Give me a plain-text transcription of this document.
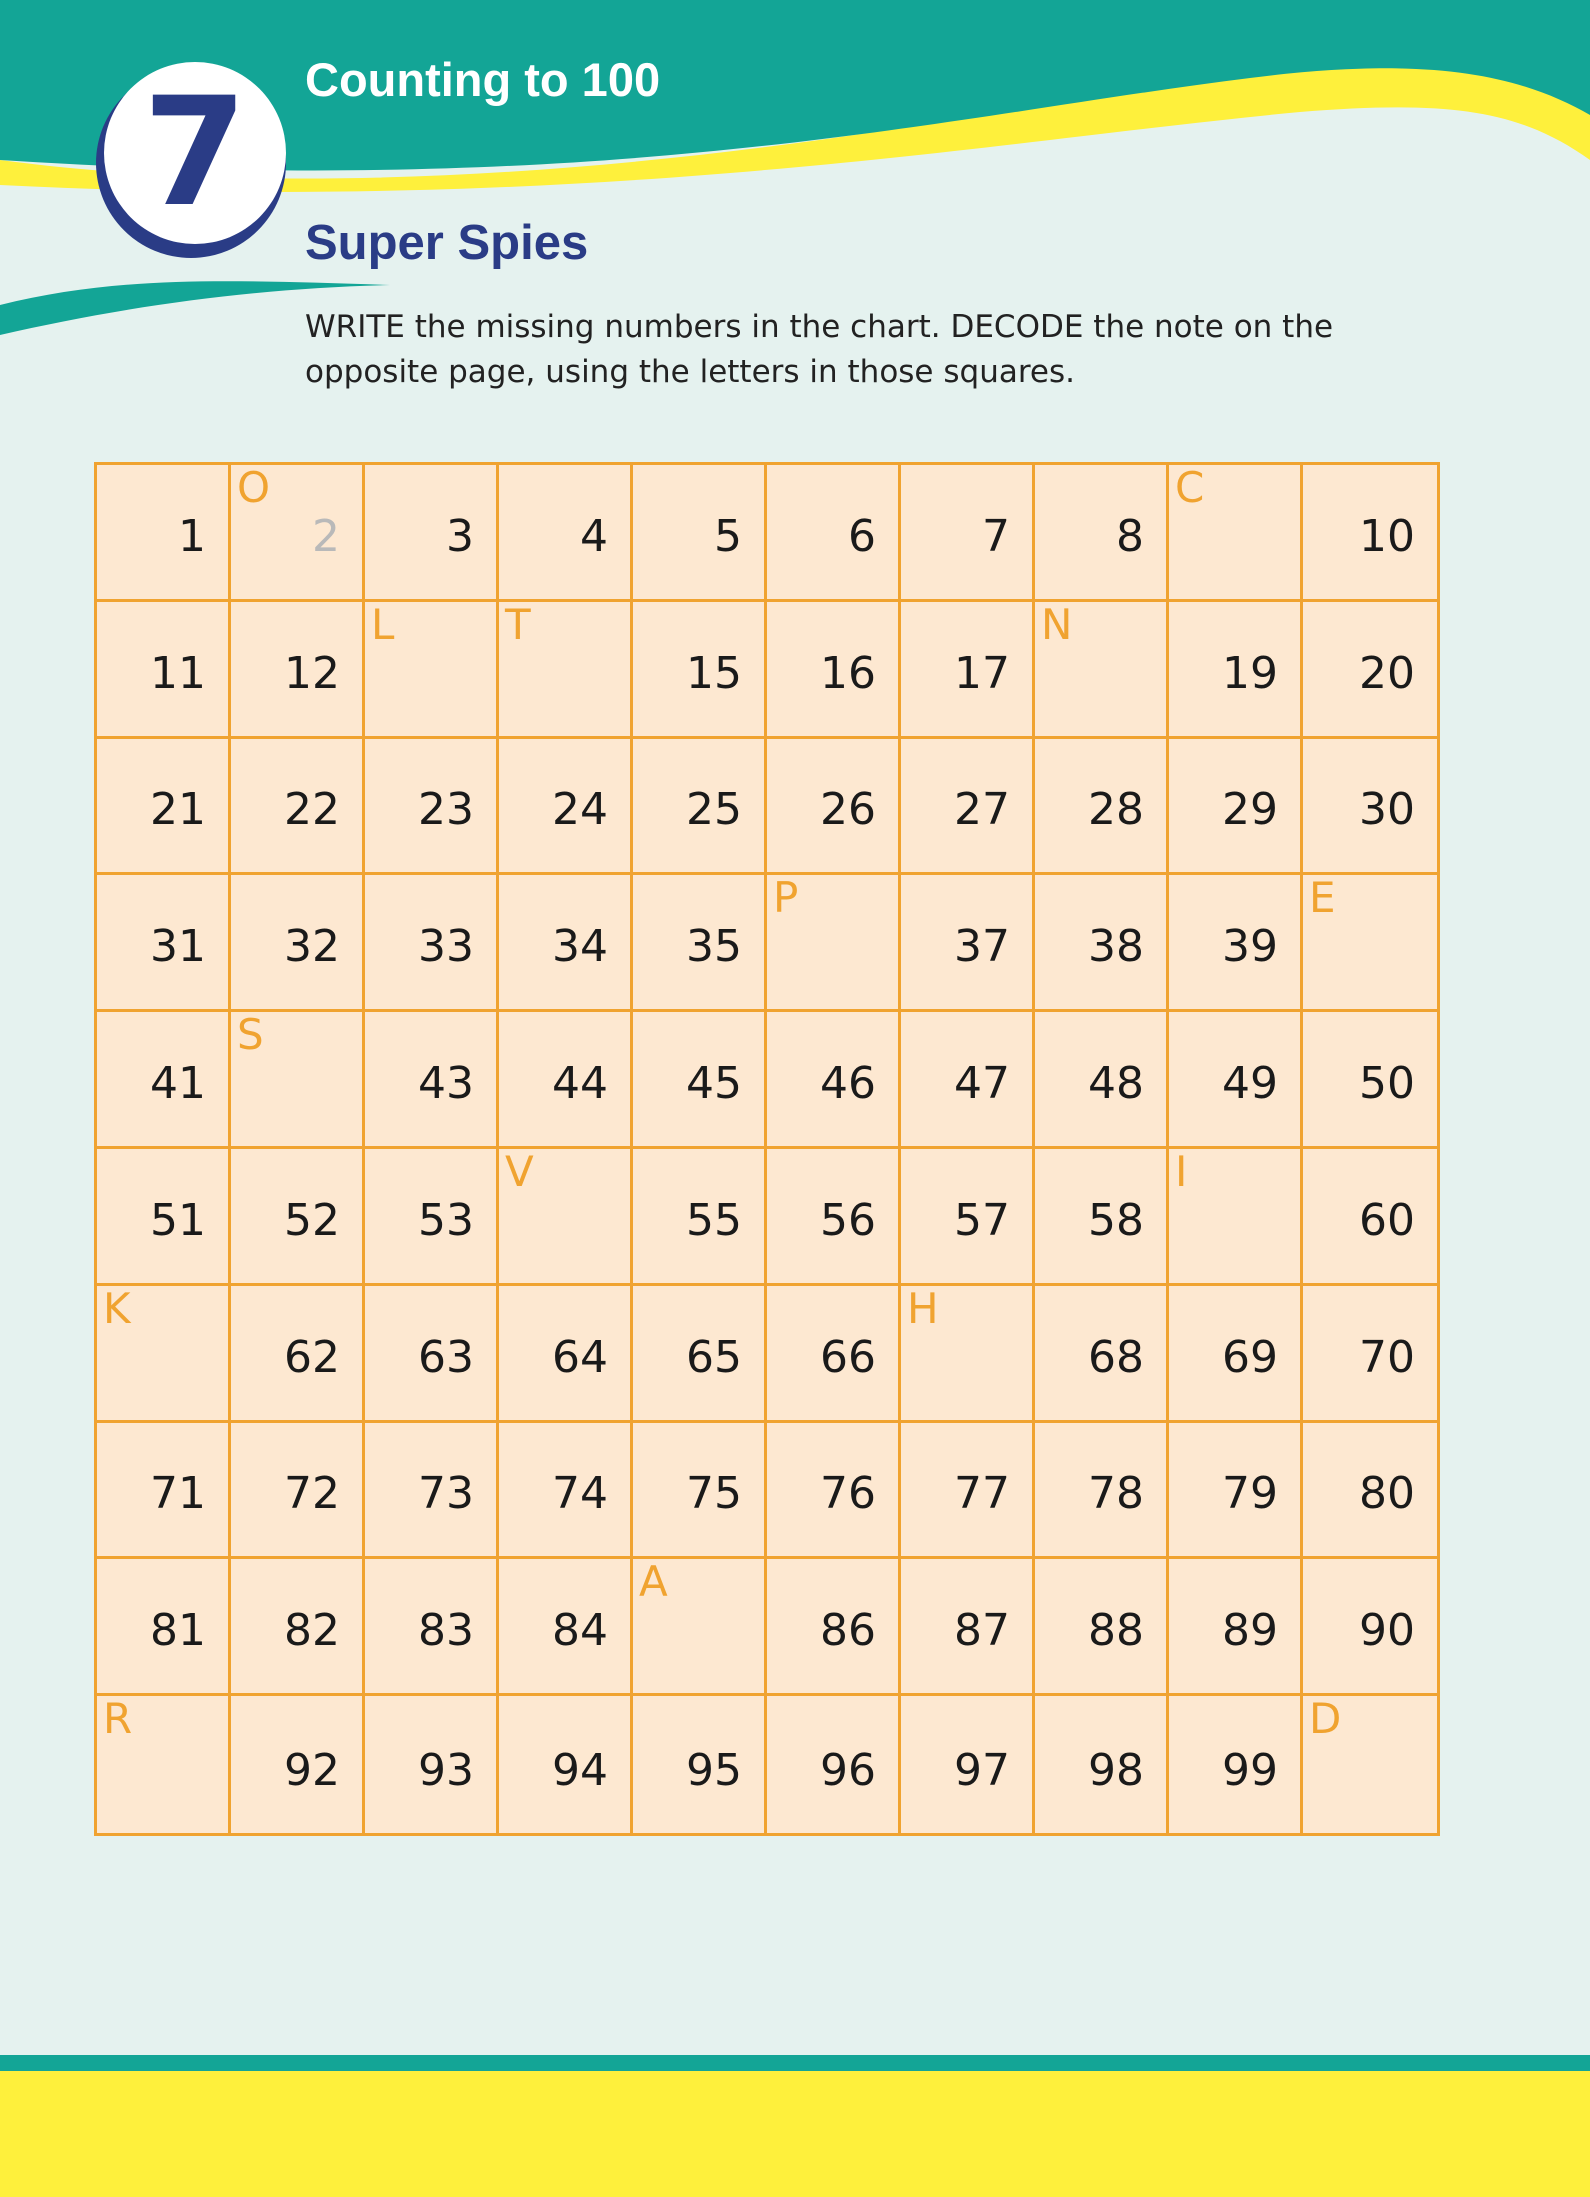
7	Counting to 100
Super Spies
WRITE the missing numbers in the chart. DECODE the note on the opposite page, using the letters in those squares.
1
O
2 3 4 5 6 7 8
C
10
11 12
L	T
15 16 17
N
19 20
21 22 23 24 25 26 27 28 29 30
31 32 33 34 35
P
37 38 39
E
41
S
43 44 45 46 47 48 49 50
51 52 53
V
55 56 57 58
I
60
K
62 63 64 65 66
H
68 69 70
71 72 73 74 75 76 77 78 79 80
81 82 83 84
A
86 87 88 89 90
R
92 93 94 95 96 97 98 99
D
